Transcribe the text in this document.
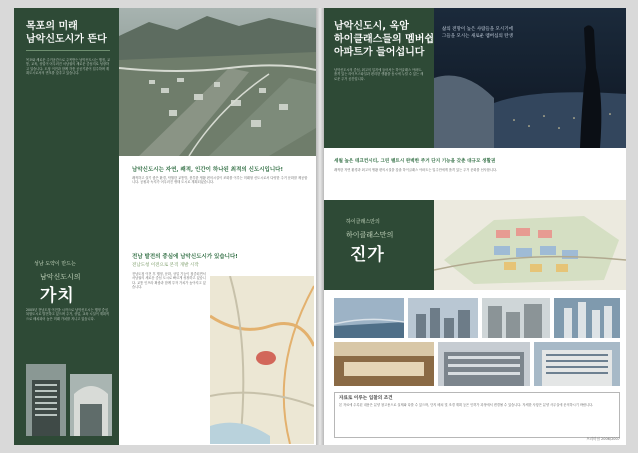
목포의 미래
남악신도시가 뜬다
목포와 새로운 주거공간으로 주목받는 남악신도시는 행정, 교통, 교육, 상업이 어우러진 서남권의 새로운 중심지로 성장하고 있습니다. 도청 이전과 함께 각종 공공기관이 입주하며 계획도시로서의 면모를 갖추고 있습니다.
남악신도시는 자연, 쾌적, 인간이 하나된 최적의 신도시입니다!
쾌적하고 살기 좋은 환경, 탁월한 교통망, 풍부한 생활 편의시설이 조화를 이루는 미래형 신도시로서 다양한 주거 문화를 제공합니다. 공원과 녹지가 어우러진 생태 도시로 계획되었습니다.
전남 발전의 중심에 남악신도시가 있습니다!
전남도청 이전으로 본격 개발 시작
전남도청 이전 후 행정, 문화, 상업 기능이 집중되면서 서남권의 새로운 중심 도시로 빠르게 성장하고 있습니다. 교통 인프라 확충과 함께 투자 가치가 높아지고 있습니다.
성남 도약이 만드는
남악신도시의
가치
2005년 전남도청 이전을 시작으로 남악신도시는 행정 중심 복합도시로 발전하고 있으며 주거, 상업, 교육 시설이 계획적으로 배치되어 높은 미래 가치를 지니고 있습니다.
남악신도시, 옥암
하이클래스들의 멤버쉽
아파트가 들어섭니다
남악신도시의 중심, 최고의 입지에 들어서는 하이클래스 아파트. 품격 있는 라이프스타일과 편리한 생활을 동시에 누릴 수 있는 새로운 주거 공간입니다.
삶의 전망이 높은 사람들을 모시기에
그들을 모시는 새로운 멤버십의 탄생
세월 높은 테크컨시티, 그린 벨트시 완벽한 주거 단지 기능을 갖춘 대규모 생활권
쾌적한 자연 환경과 최고의 생활 편의시설을 갖춘 하이클래스 아파트는 입주민에게 품격 있는 주거 문화를 선사합니다.
하이클래스만의
하이클래스만의
진가
자료로 이루는 입찰의 조건
본 자료에 수록된 내용은 분양 참고용으로 실제와 다를 수 있으며, 단지 배치 및 조경 계획 등은 인허가 과정에서 변경될 수 있습니다. 자세한 사항은 분양 사무실에 문의하시기 바랍니다.
프리미엄 2006/2007
